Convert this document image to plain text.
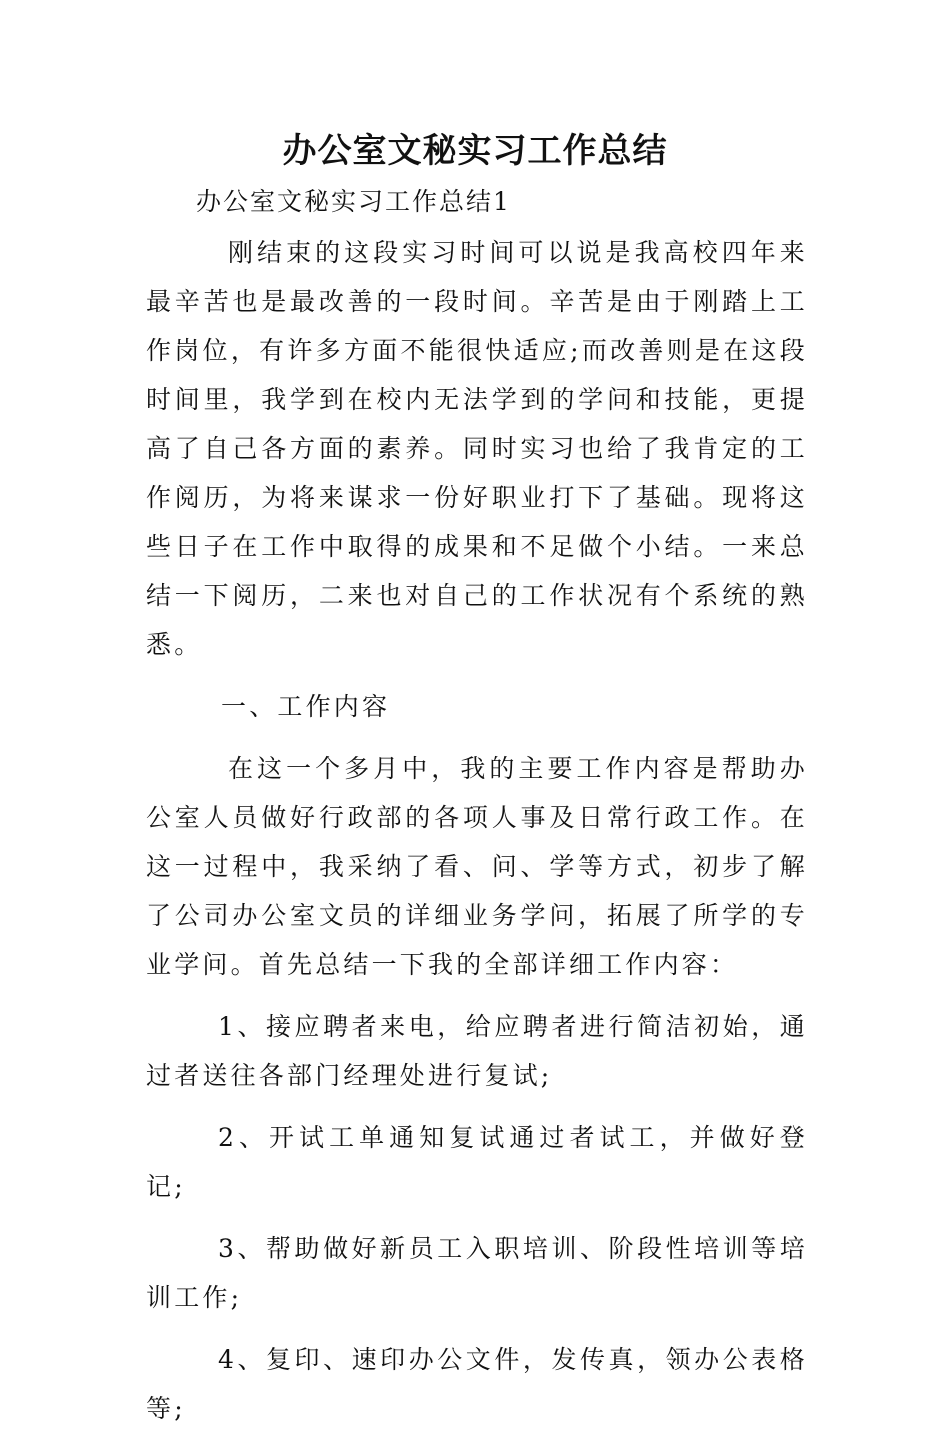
办公室文秘实习工作总结
办公室文秘实习工作总结1

刚结束的这段实习时间可以说是我高校四年来最辛苦也是最改善的一段时间。辛苦是由于刚踏上工作岗位，有许多方面不能很快适应;而改善则是在这段时间里，我学到在校内无法学到的学问和技能，更提高了自己各方面的素养。同时实习也给了我肯定的工作阅历，为将来谋求一份好职业打下了基础。现将这些日子在工作中取得的成果和不足做个小结。一来总结一下阅历，二来也对自己的工作状况有个系统的熟悉。

一、工作内容

在这一个多月中，我的主要工作内容是帮助办公室人员做好行政部的各项人事及日常行政工作。在这一过程中，我采纳了看、问、学等方式，初步了解了公司办公室文员的详细业务学问，拓展了所学的专业学问。首先总结一下我的全部详细工作内容：

1、接应聘者来电，给应聘者进行简洁初始，通过者送往各部门经理处进行复试;

2、开试工单通知复试通过者试工，并做好登记;

3、帮助做好新员工入职培训、阶段性培训等培训工作;

4、复印、速印办公文件，发传真，领办公表格等;
